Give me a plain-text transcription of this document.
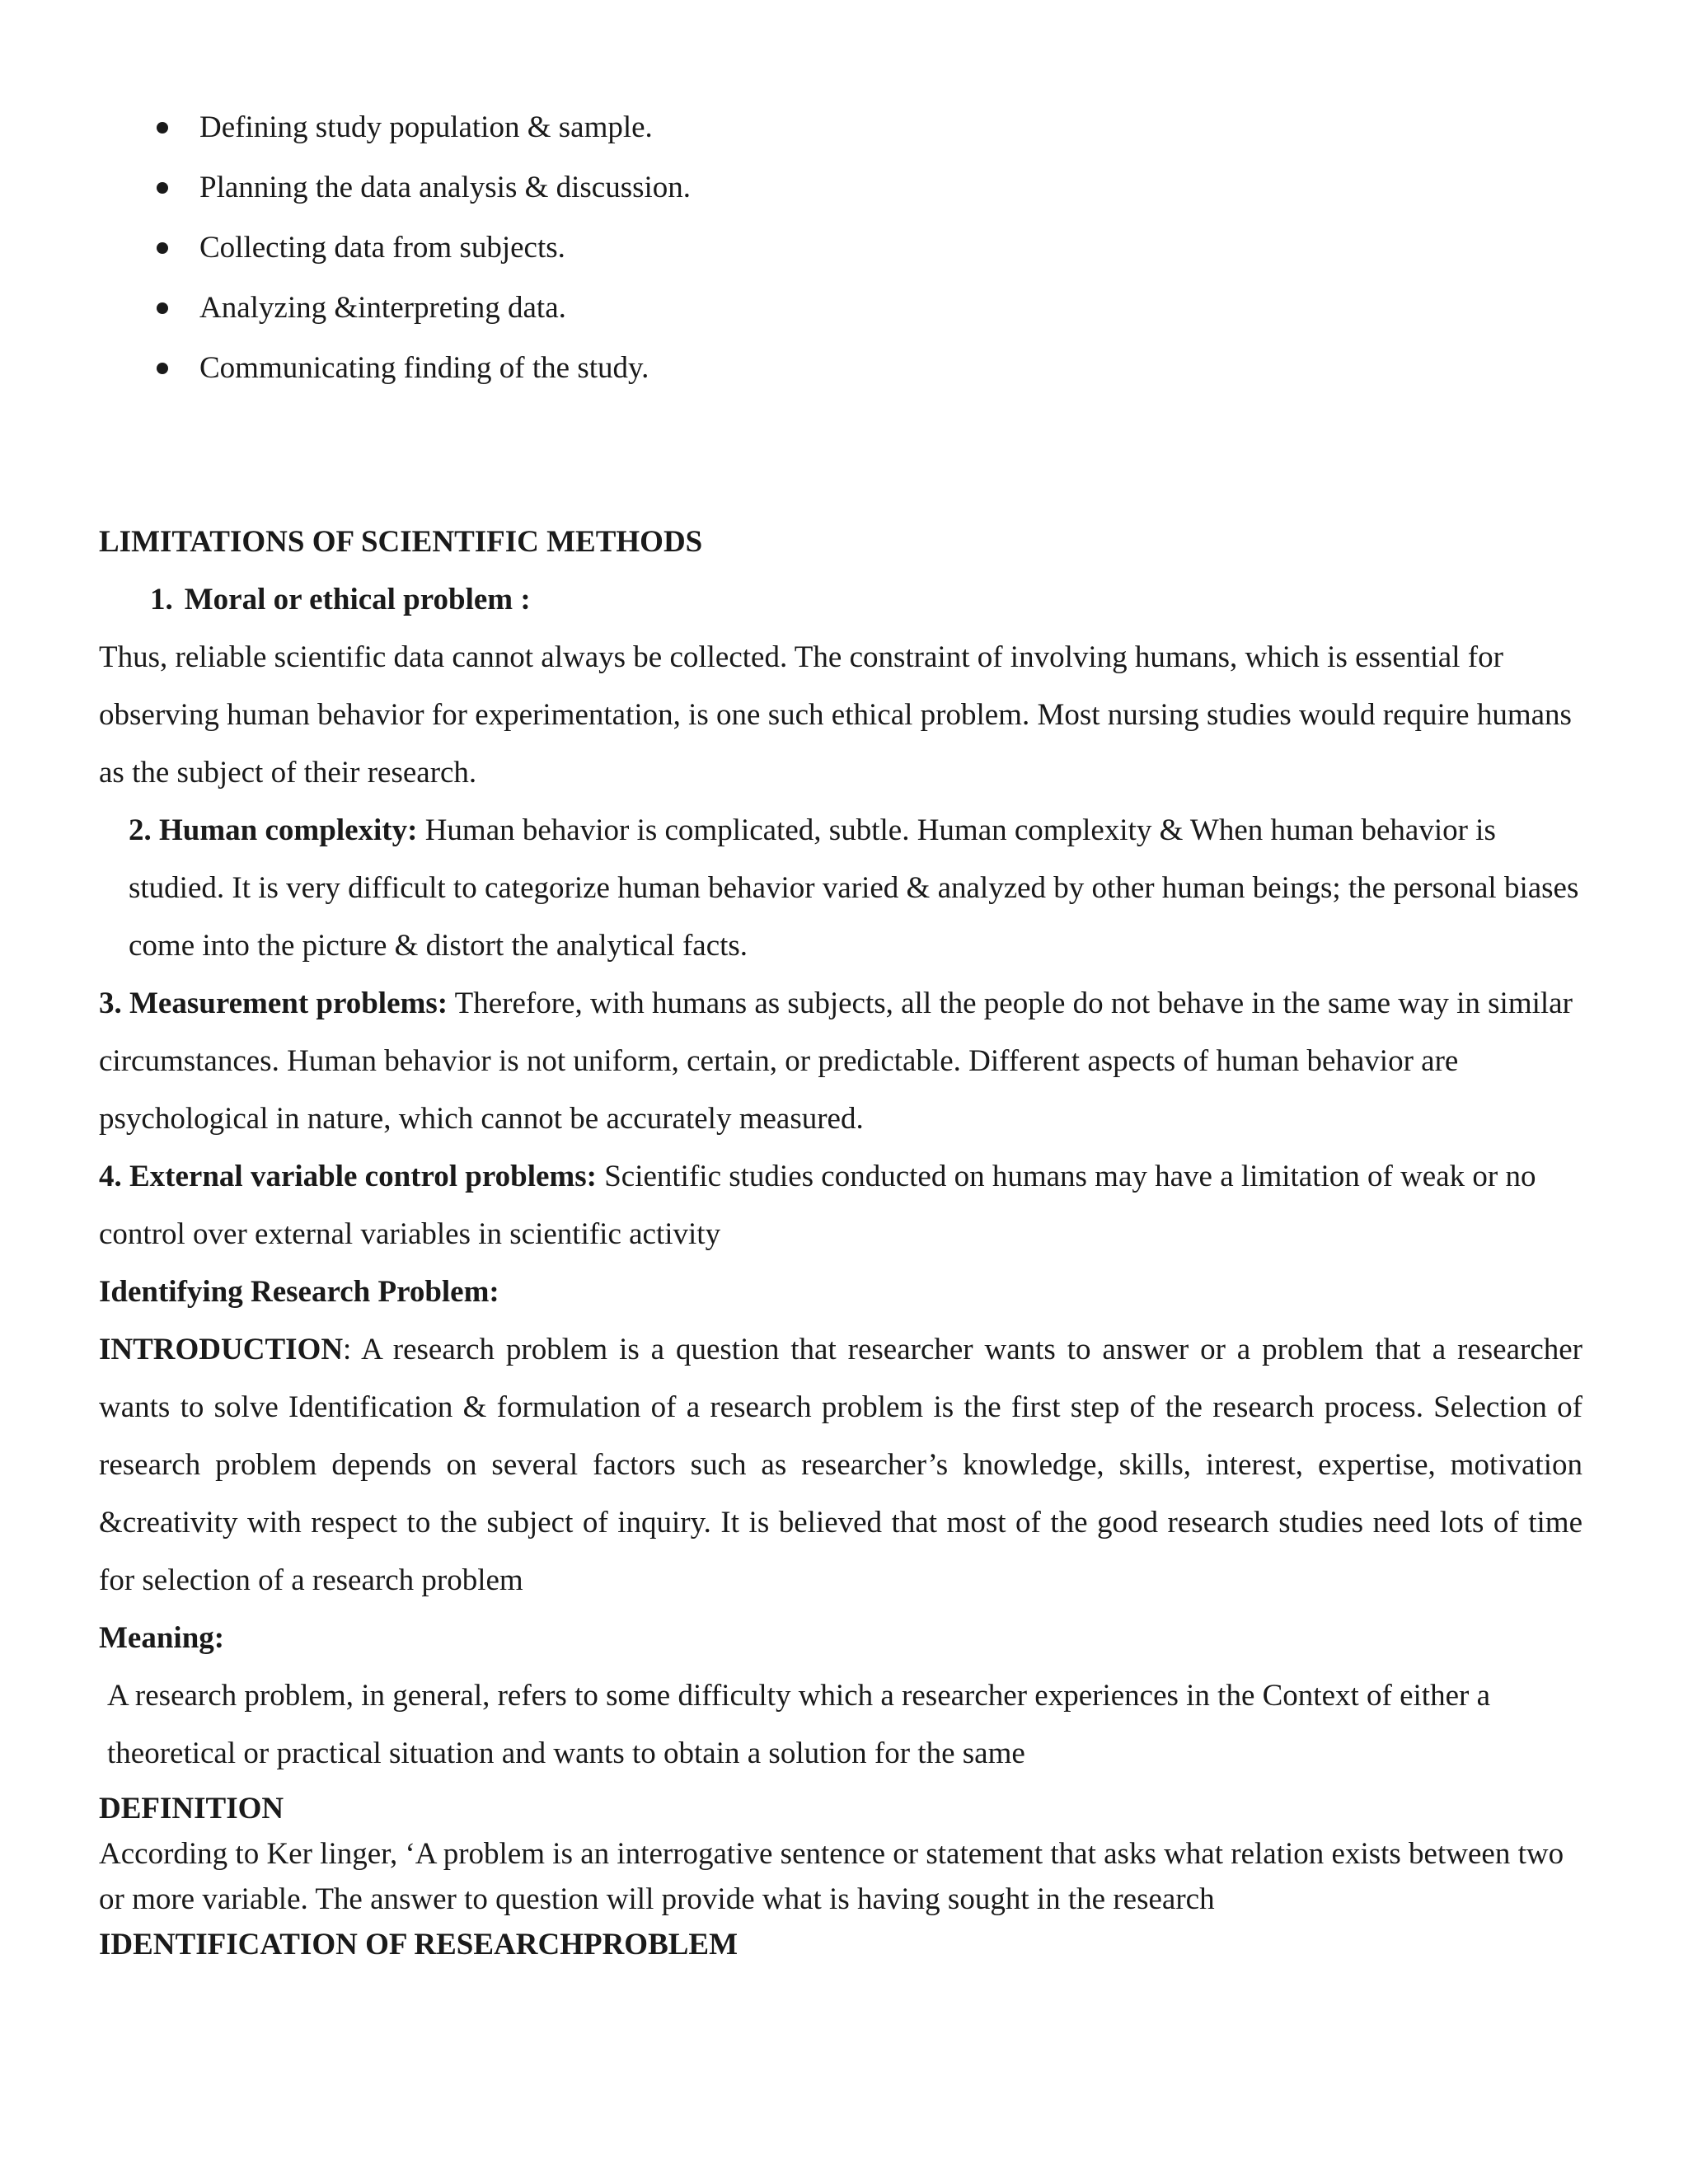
Defining study population & sample.
Planning the data analysis & discussion.
Collecting data from subjects.
Analyzing &interpreting data.
Communicating finding of the study.

LIMITATIONS OF SCIENTIFIC METHODS

1. Moral or ethical problem :

Thus, reliable scientific data cannot always be collected. The constraint of involving humans, which is essential for observing human behavior for experimentation, is one such ethical problem. Most nursing studies would require humans as the subject of their research.

2. Human complexity: Human behavior is complicated, subtle. Human complexity & When human behavior is studied. It is very difficult to categorize human behavior varied & analyzed by other human beings; the personal biases come into the picture & distort the analytical facts.

3. Measurement problems: Therefore, with humans as subjects, all the people do not behave in the same way in similar circumstances. Human behavior is not uniform, certain, or predictable. Different aspects of human behavior are psychological in nature, which cannot be accurately measured.

4. External variable control problems: Scientific studies conducted on humans may have a limitation of weak or no control over external variables in scientific activity

Identifying Research Problem:

INTRODUCTION: A research problem is a question that researcher wants to answer or a problem that a researcher wants to solve Identification & formulation of a research problem is the first step of the research process. Selection of research problem depends on several factors such as researcher’s knowledge, skills, interest, expertise, motivation &creativity with respect to the subject of inquiry. It is believed that most of the good research studies need lots of time for selection of a research problem

Meaning:

A research problem, in general, refers to some difficulty which a researcher experiences in the Context of either a theoretical or practical situation and wants to obtain a solution for the same

DEFINITION

According to Ker linger, ‘A problem is an interrogative sentence or statement that asks what relation exists between two or more variable. The answer to question will provide what is having sought in the research

IDENTIFICATION OF RESEARCHPROBLEM
